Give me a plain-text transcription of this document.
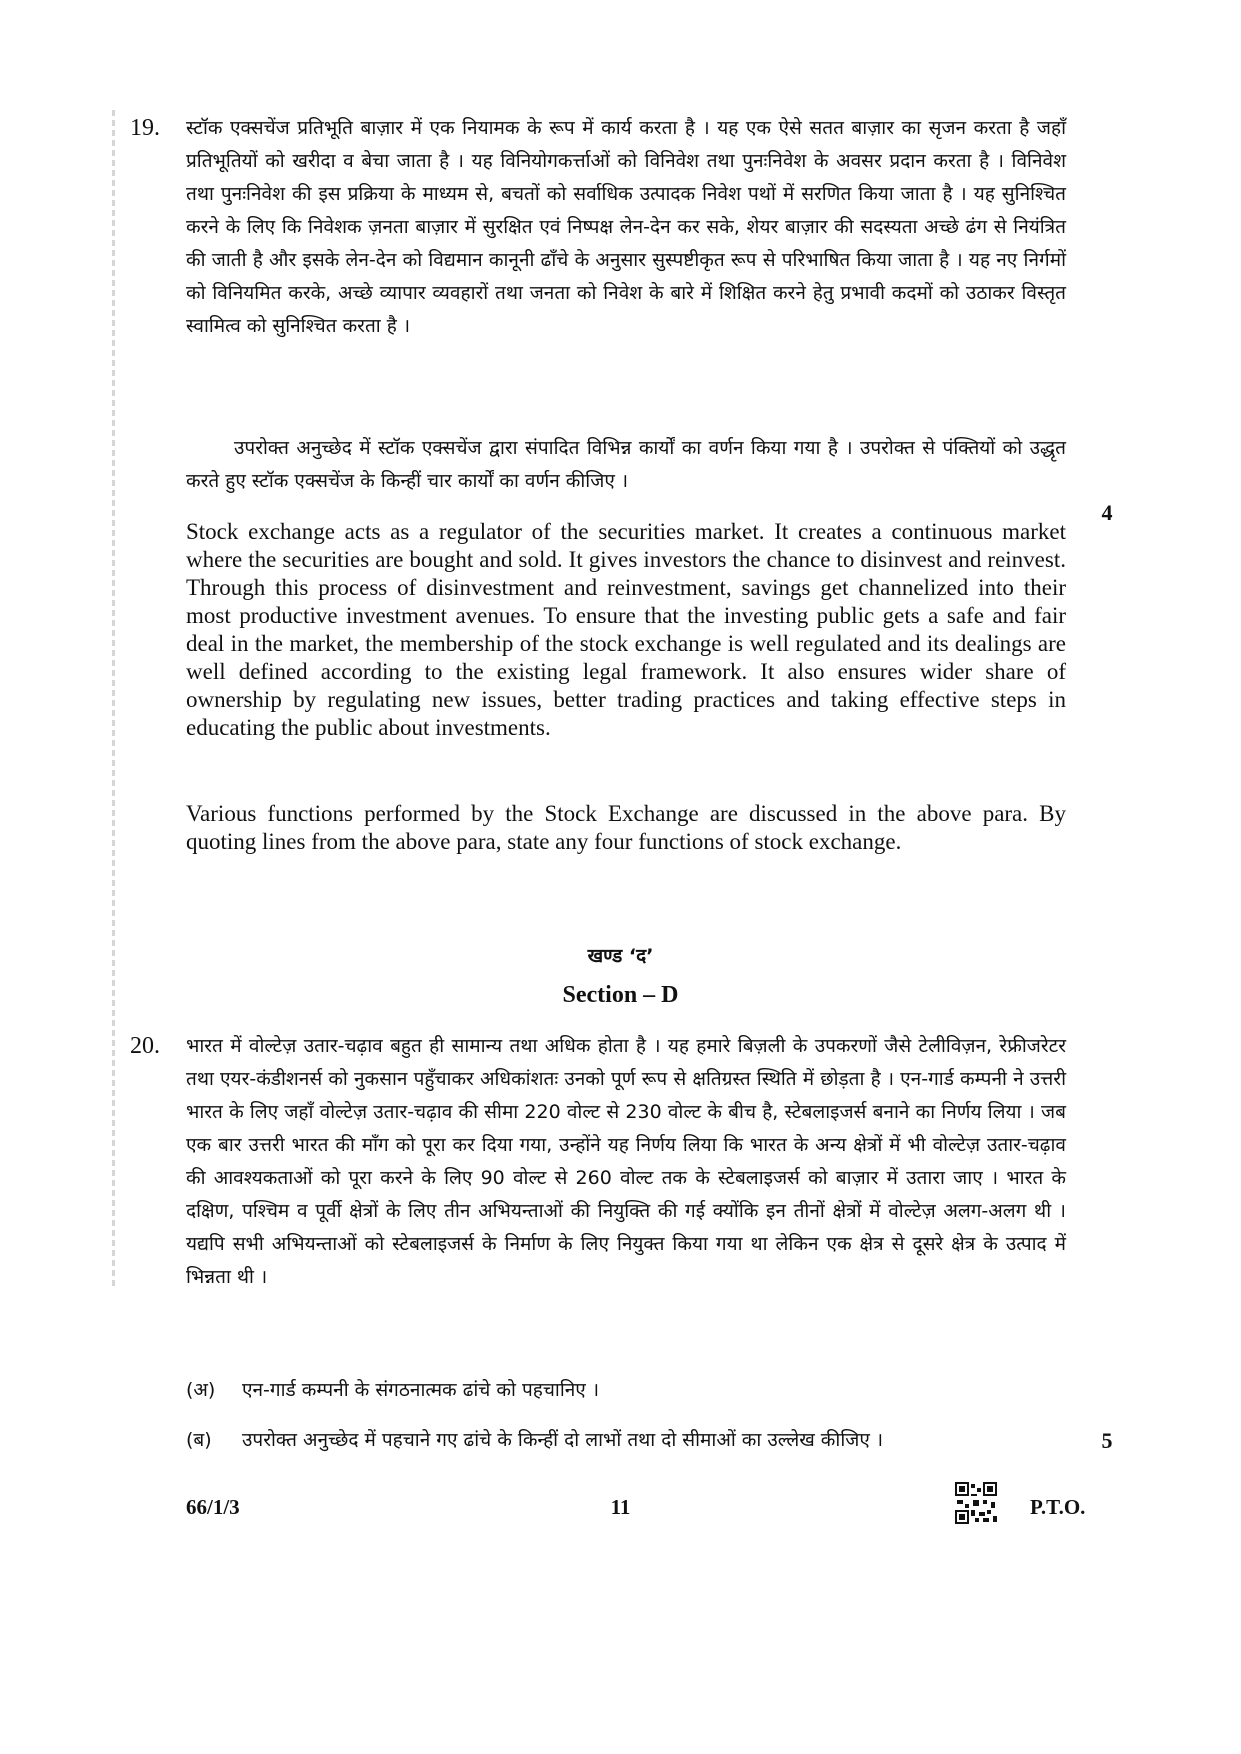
19. स्टॉक एक्सचेंज प्रतिभूति बाज़ार में एक नियामक के रूप में कार्य करता है । यह एक ऐसे सतत बाज़ार का सृजन करता है जहाँ प्रतिभूतियों को खरीदा व बेचा जाता है । यह विनियोगकर्त्ताओं को विनिवेश तथा पुनःनिवेश के अवसर प्रदान करता है । विनिवेश तथा पुनःनिवेश की इस प्रक्रिया के माध्यम से, बचतों को सर्वाधिक उत्पादक निवेश पथों में सरणित किया जाता है । यह सुनिश्चित करने के लिए कि निवेशक ज़नता बाज़ार में सुरक्षित एवं निष्पक्ष लेन-देन कर सके, शेयर बाज़ार की सदस्यता अच्छे ढंग से नियंत्रित की जाती है और इसके लेन-देन को विद्यमान कानूनी ढाँचे के अनुसार सुस्पष्टीकृत रूप से परिभाषित किया जाता है । यह नए निर्गमों को विनियमित करके, अच्छे व्यापार व्यवहारों तथा जनता को निवेश के बारे में शिक्षित करने हेतु प्रभावी कदमों को उठाकर विस्तृत स्वामित्व को सुनिश्चित करता है ।
उपरोक्त अनुच्छेद में स्टॉक एक्सचेंज द्वारा संपादित विभिन्न कार्यों का वर्णन किया गया है । उपरोक्त से पंक्तियों को उद्धृत करते हुए स्टॉक एक्सचेंज के किन्हीं चार कार्यों का वर्णन कीजिए ।
4
Stock exchange acts as a regulator of the securities market. It creates a continuous market where the securities are bought and sold. It gives investors the chance to disinvest and reinvest. Through this process of disinvestment and reinvestment, savings get channelized into their most productive investment avenues. To ensure that the investing public gets a safe and fair deal in the market, the membership of the stock exchange is well regulated and its dealings are well defined according to the existing legal framework. It also ensures wider share of ownership by regulating new issues, better trading practices and taking effective steps in educating the public about investments.
Various functions performed by the Stock Exchange are discussed in the above para. By quoting lines from the above para, state any four functions of stock exchange.
खण्ड ‘द’
Section – D
20. भारत में वोल्टेज़ उतार-चढ़ाव बहुत ही सामान्य तथा अधिक होता है । यह हमारे बिज़ली के उपकरणों जैसे टेलीविज़न, रेफ्रीजरेटर तथा एयर-कंडीशनर्स को नुकसान पहुँचाकर अधिकांशतः उनको पूर्ण रूप से क्षतिग्रस्त स्थिति में छोड़ता है । एन-गार्ड कम्पनी ने उत्तरी भारत के लिए जहाँ वोल्टेज़ उतार-चढ़ाव की सीमा 220 वोल्ट से 230 वोल्ट के बीच है, स्टेबलाइजर्स बनाने का निर्णय लिया । जब एक बार उत्तरी भारत की माँग को पूरा कर दिया गया, उन्होंने यह निर्णय लिया कि भारत के अन्य क्षेत्रों में भी वोल्टेज़ उतार-चढ़ाव की आवश्यकताओं को पूरा करने के लिए 90 वोल्ट से 260 वोल्ट तक के स्टेबलाइजर्स को बाज़ार में उतारा जाए । भारत के दक्षिण, पश्चिम व पूर्वी क्षेत्रों के लिए तीन अभियन्ताओं की नियुक्ति की गई क्योंकि इन तीनों क्षेत्रों में वोल्टेज़ अलग-अलग थी । यद्यपि सभी अभियन्ताओं को स्टेबलाइजर्स के निर्माण के लिए नियुक्त किया गया था लेकिन एक क्षेत्र से दूसरे क्षेत्र के उत्पाद में भिन्नता थी ।
(अ) एन-गार्ड कम्पनी के संगठनात्मक ढांचे को पहचानिए ।
(ब) उपरोक्त अनुच्छेद में पहचाने गए ढांचे के किन्हीं दो लाभों तथा दो सीमाओं का उल्लेख कीजिए ।	5
66/1/3	11	P.T.O.
